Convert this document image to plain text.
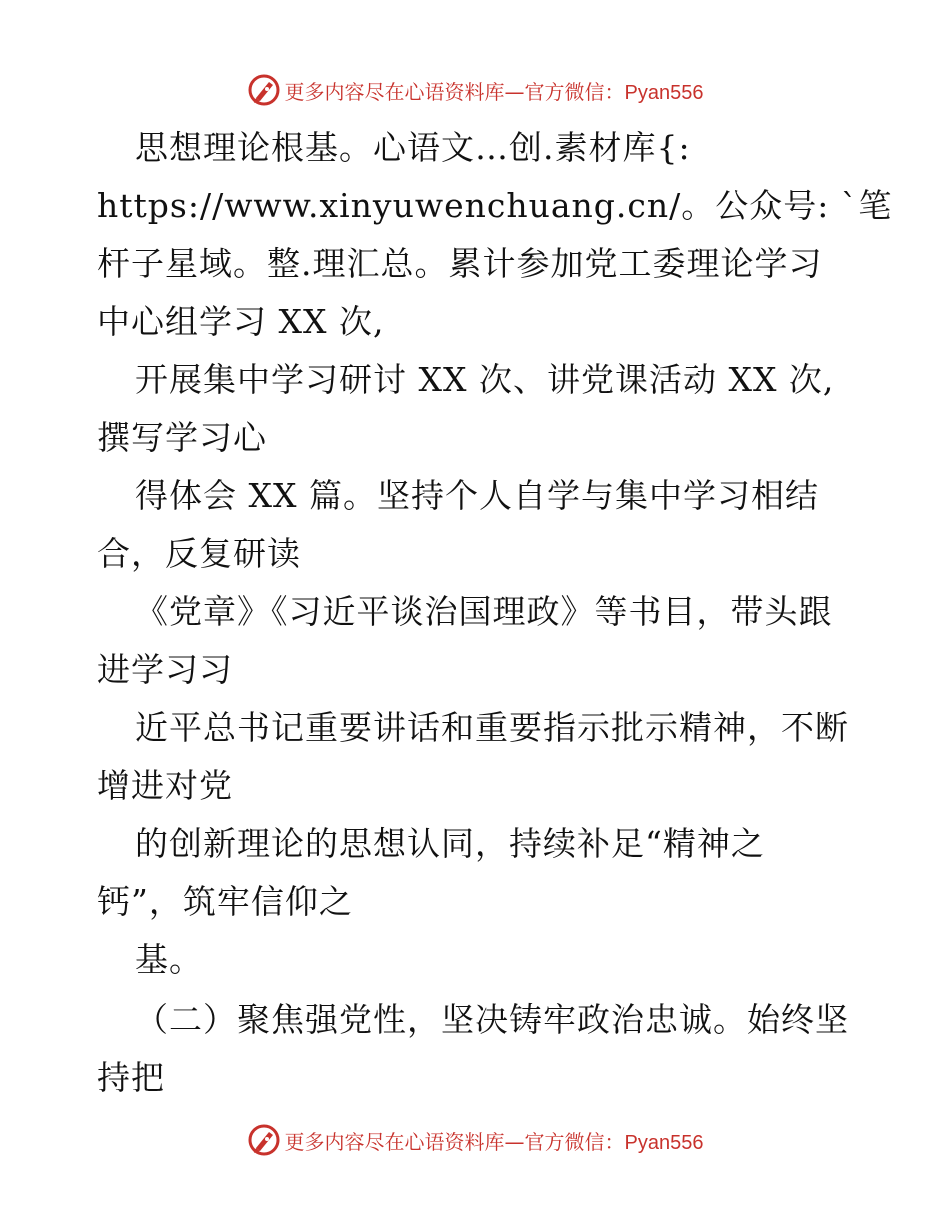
更多内容尽在心语资料库—官方微信：Pyan556
思想理论根基。心语文…创.素材库{:
https://www.xinyuwenchuang.cn/。公众号: `笔
杆子星域。整.理汇总。累计参加党工委理论学习
中心组学习 XX 次,
开展集中学习研讨 XX 次、讲党课活动 XX 次,
撰写学习心
得体会 XX 篇。坚持个人自学与集中学习相结
合，反复研读
《党章》《习近平谈治国理政》等书目，带头跟
进学习习
近平总书记重要讲话和重要指示批示精神，不断
增进对党
的创新理论的思想认同，持续补足“精神之
钙”，筑牢信仰之
基。
（二）聚焦强党性，坚决铸牢政治忠诚。始终坚
持把
更多内容尽在心语资料库—官方微信：Pyan556
